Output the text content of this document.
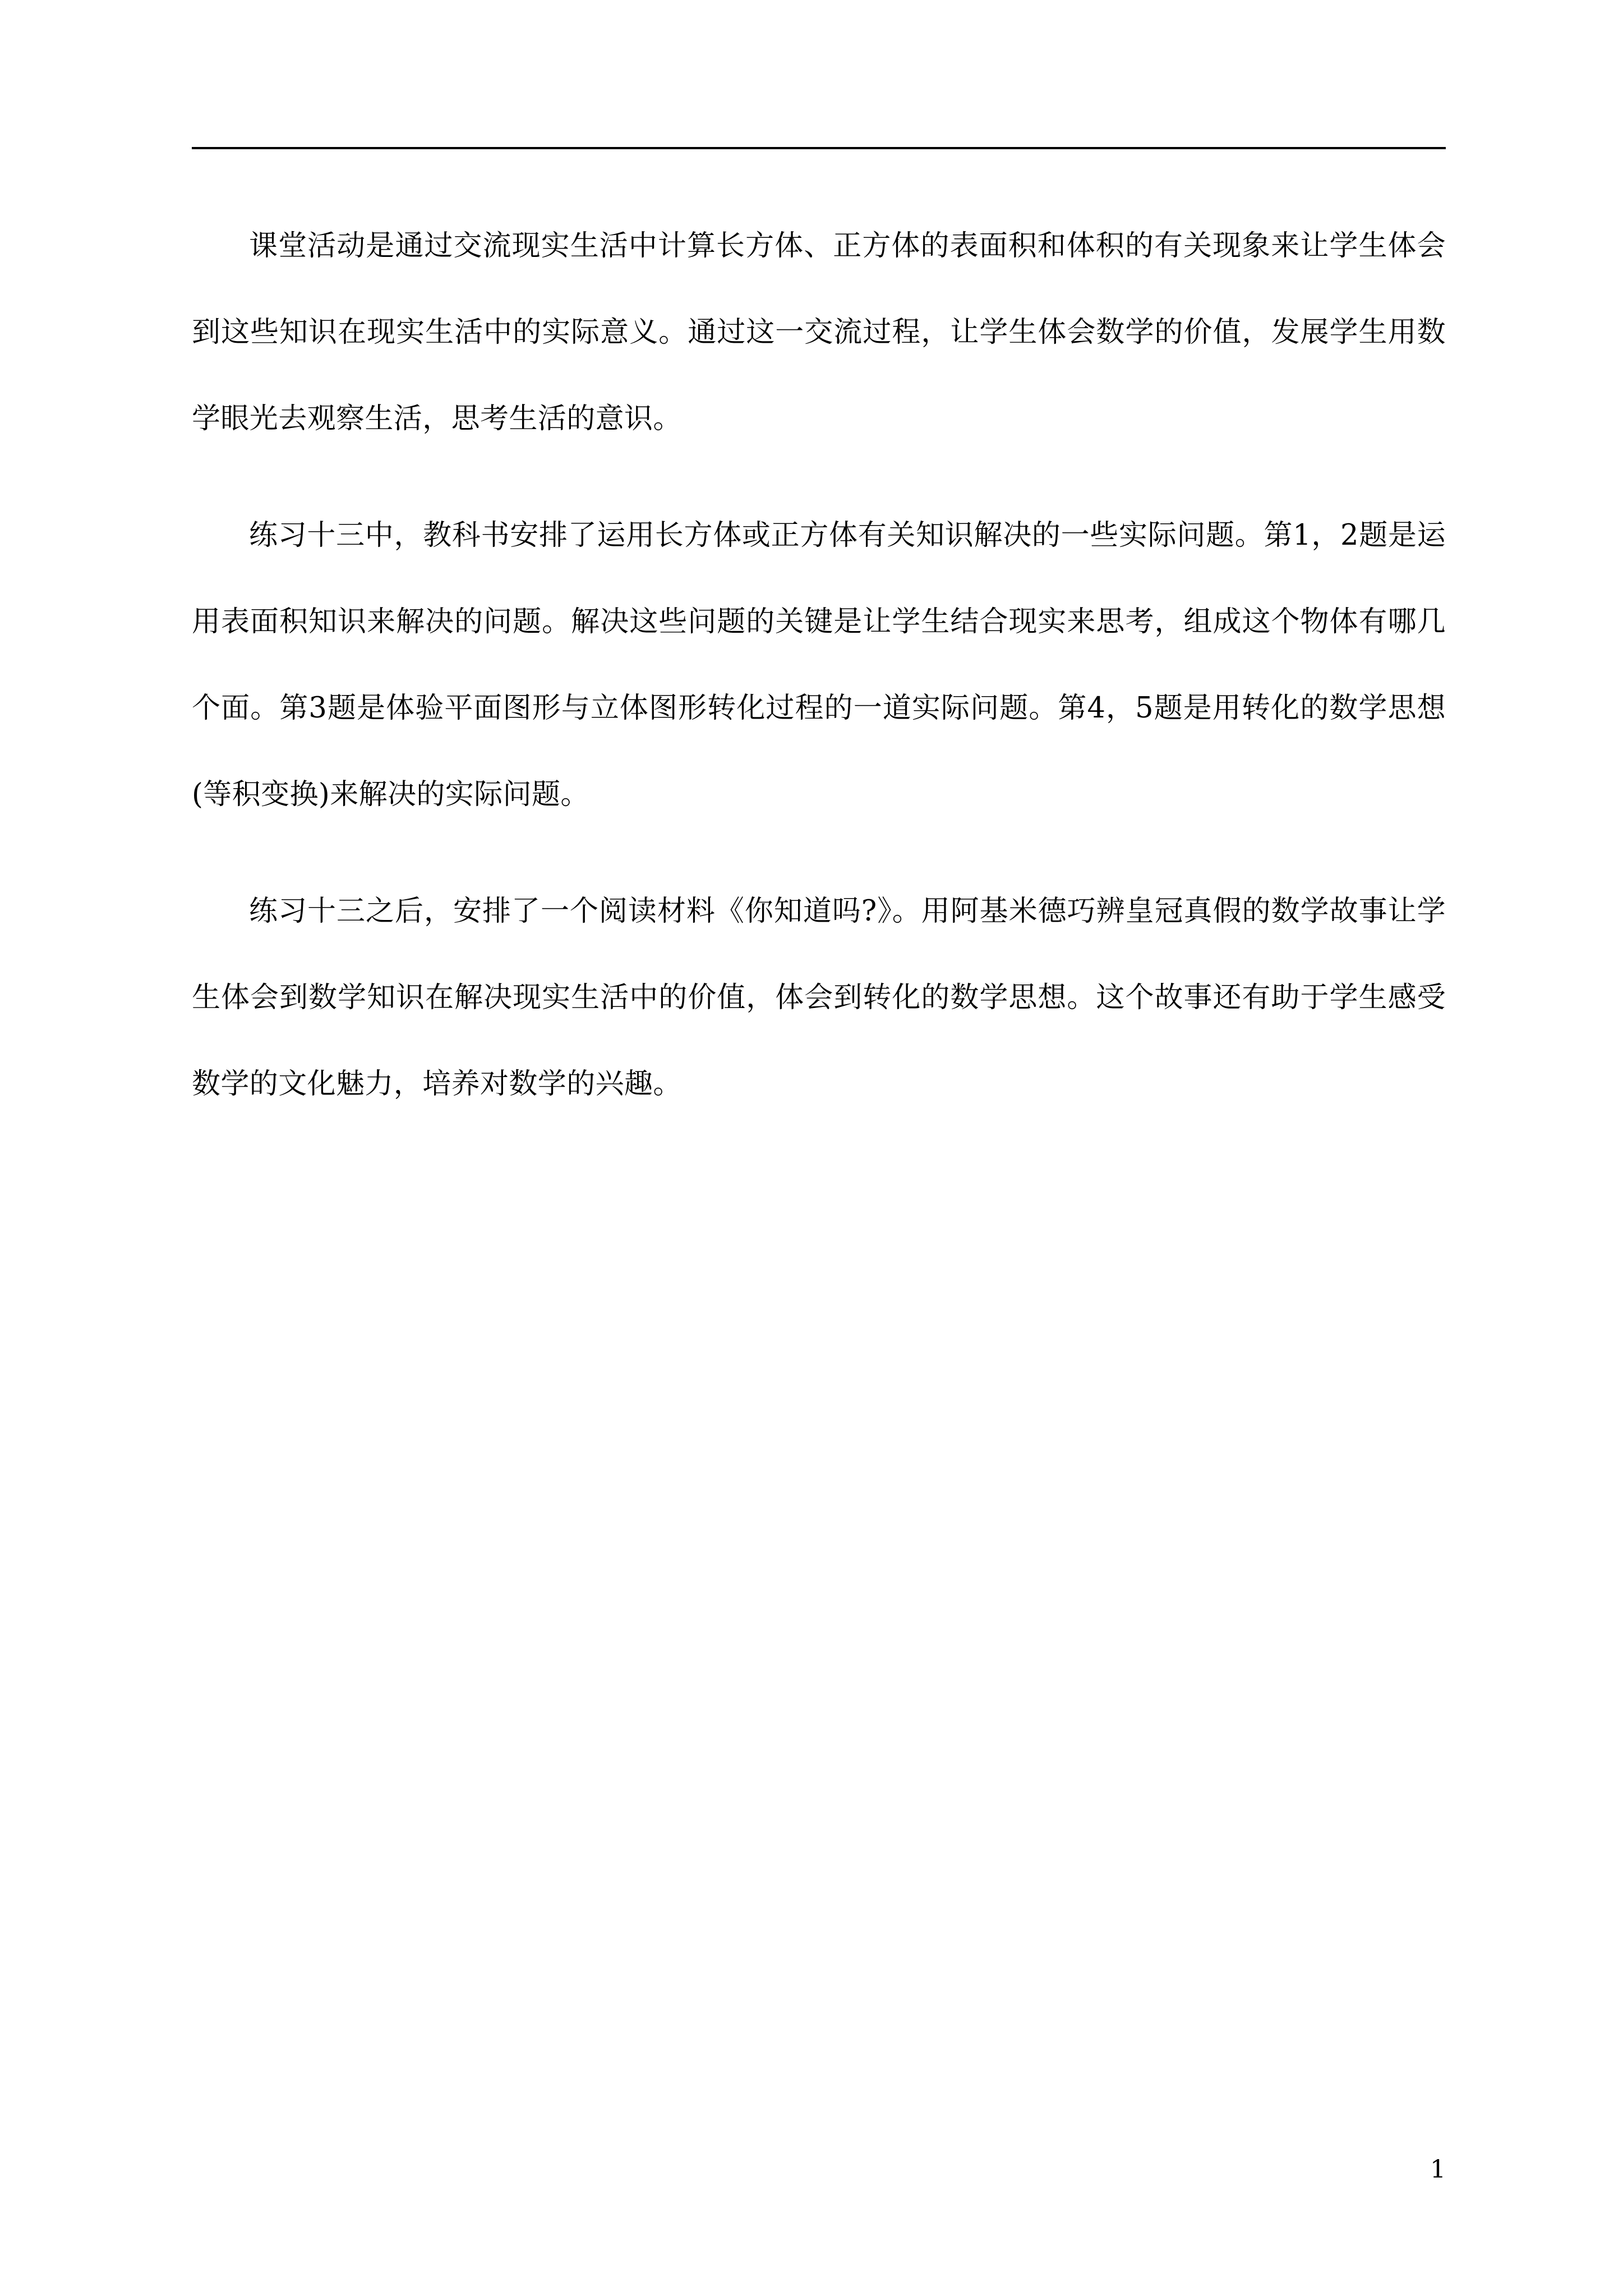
课堂活动是通过交流现实生活中计算长方体、正方体的表面积和体积的有关现象来让学生体会到这些知识在现实生活中的实际意义。通过这一交流过程，让学生体会数学的价值，发展学生用数学眼光去观察生活，思考生活的意识。

练习十三中，教科书安排了运用长方体或正方体有关知识解决的一些实际问题。第1，2题是运用表面积知识来解决的问题。解决这些问题的关键是让学生结合现实来思考，组成这个物体有哪几个面。第3题是体验平面图形与立体图形转化过程的一道实际问题。第4，5题是用转化的数学思想(等积变换)来解决的实际问题。

练习十三之后，安排了一个阅读材料《你知道吗?》。用阿基米德巧辨皇冠真假的数学故事让学生体会到数学知识在解决现实生活中的价值，体会到转化的数学思想。这个故事还有助于学生感受数学的文化魅力，培养对数学的兴趣。

1
